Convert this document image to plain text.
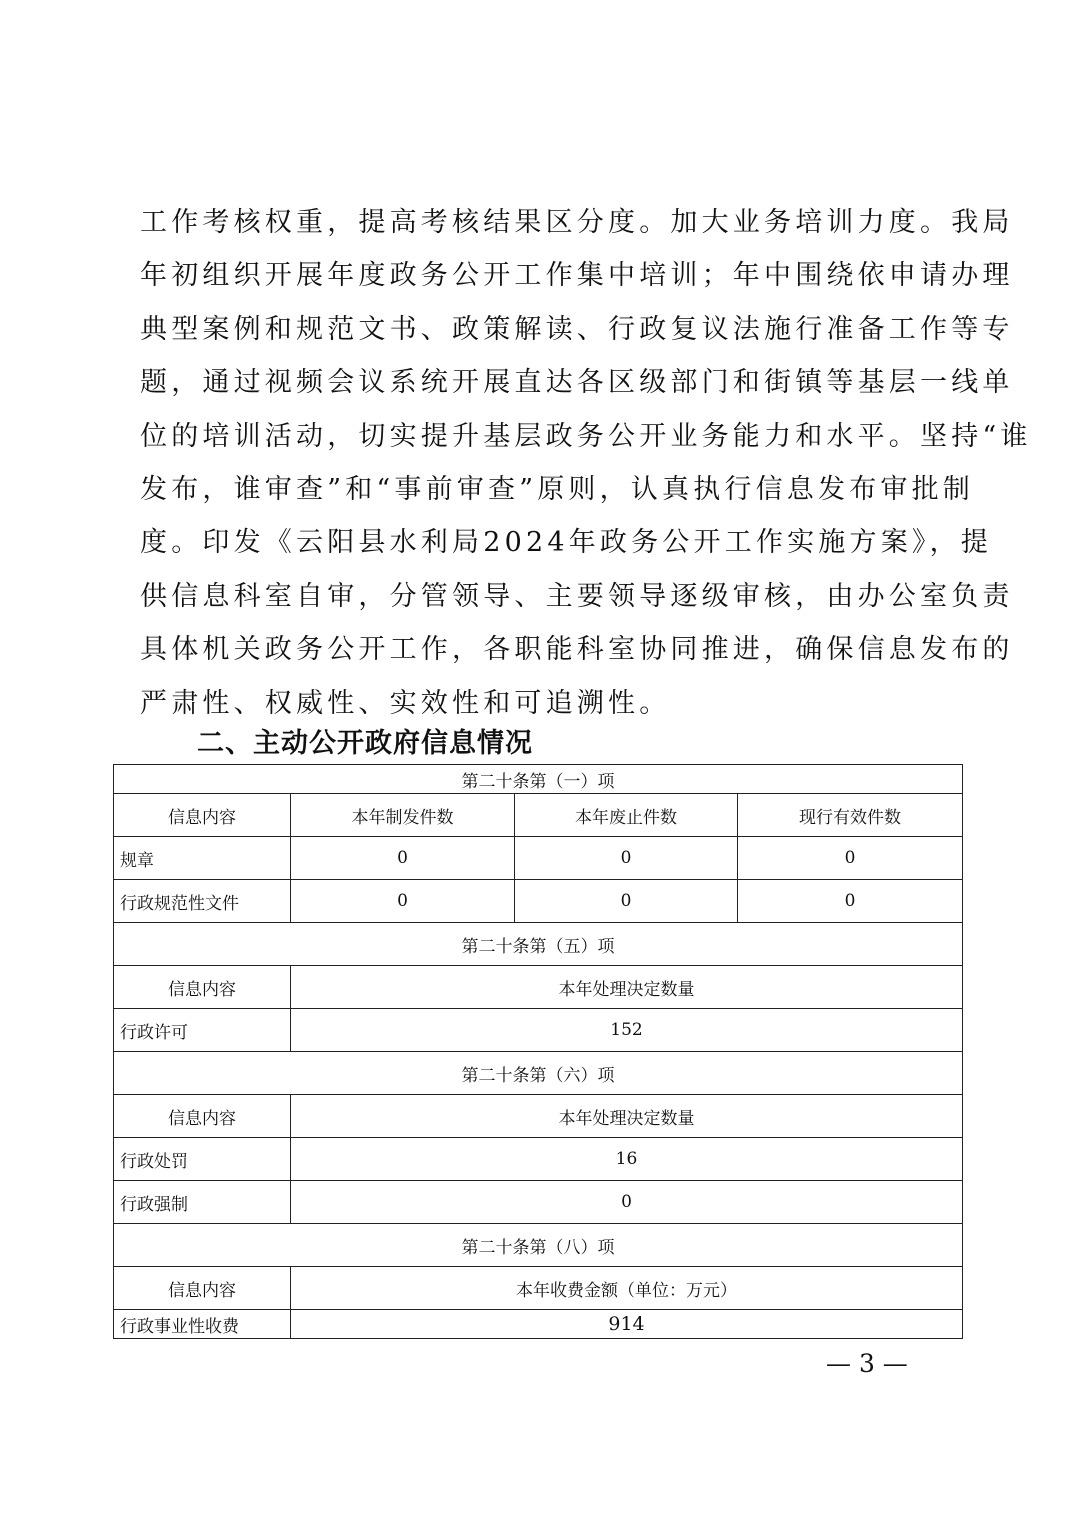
工作考核权重，提高考核结果区分度。加大业务培训力度。我局
年初组织开展年度政务公开工作集中培训；年中围绕依申请办理
典型案例和规范文书、政策解读、行政复议法施行准备工作等专
题，通过视频会议系统开展直达各区级部门和街镇等基层一线单
位的培训活动，切实提升基层政务公开业务能力和水平。坚持“谁
发布，谁审查”和“事前审查”原则，认真执行信息发布审批制
度。印发《云阳县水利局2024年政务公开工作实施方案》，提
供信息科室自审，分管领导、主要领导逐级审核，由办公室负责
具体机关政务公开工作，各职能科室协同推进，确保信息发布的
严肃性、权威性、实效性和可追溯性。
二、主动公开政府信息情况
第二十条第（一）项			
信息内容	本年制发件数	本年废止件数	现行有效件数
规章	0	0	0
行政规范性文件	0	0	0
第二十条第（五）项			
信息内容	本年处理决定数量		
行政许可	152		
第二十条第（六）项			
信息内容	本年处理决定数量		
行政处罚	16		
行政强制	0		
第二十条第（八）项			
信息内容	本年收费金额（单位：万元）		
行政事业性收费	914		
— 3 —
